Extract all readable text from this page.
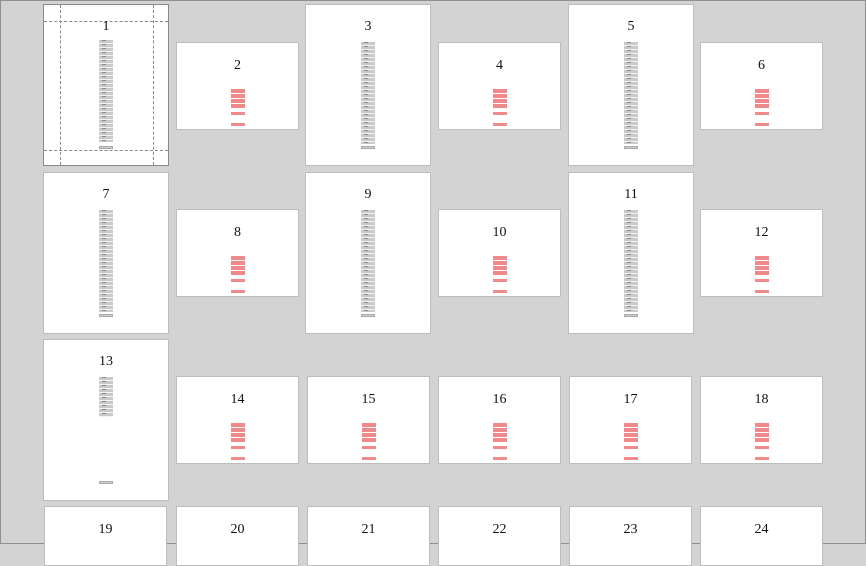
1
2
3
4
5
6
7
8
9
10
11
12
13
14	15	16	17	18
19	20	21	22	23	24
